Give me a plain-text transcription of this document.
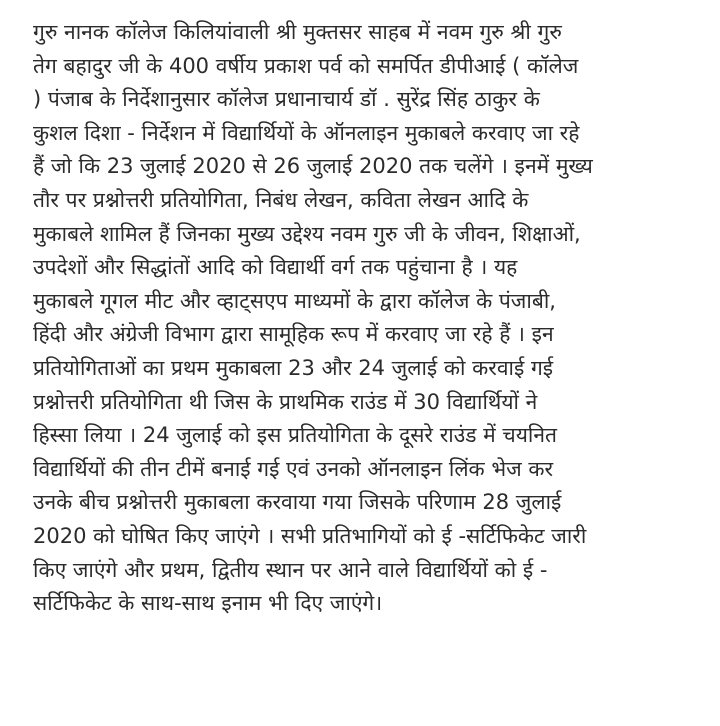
गुरु नानक कॉलेज किलियांवाली श्री मुक्तसर साहब में नवम गुरु श्री गुरु
तेग बहादुर जी के 400 वर्षीय प्रकाश पर्व को समर्पित डीपीआई ( कॉलेज
) पंजाब के निर्देशानुसार कॉलेज प्रधानाचार्य डॉ . सुरेंद्र सिंह ठाकुर के
कुशल दिशा - निर्देशन में विद्यार्थियों के ऑनलाइन मुकाबले करवाए जा रहे
हैं जो कि 23 जुलाई 2020 से 26 जुलाई 2020 तक चलेंगे । इनमें मुख्य
तौर पर प्रश्नोत्तरी प्रतियोगिता, निबंध लेखन, कविता लेखन आदि के
मुकाबले शामिल हैं जिनका मुख्य उद्देश्य नवम गुरु जी के जीवन, शिक्षाओं,
उपदेशों और सिद्धांतों आदि को विद्यार्थी वर्ग तक पहुंचाना है । यह
मुकाबले गूगल मीट और व्हाट्सएप माध्यमों के द्वारा कॉलेज के पंजाबी,
हिंदी और अंग्रेजी विभाग द्वारा सामूहिक रूप में करवाए जा रहे हैं । इन
प्रतियोगिताओं का प्रथम मुकाबला 23 और 24 जुलाई को करवाई गई
प्रश्नोत्तरी प्रतियोगिता थी जिस के प्राथमिक राउंड में 30 विद्यार्थियों ने
हिस्सा लिया । 24 जुलाई को इस प्रतियोगिता के दूसरे राउंड में चयनित
विद्यार्थियों की तीन टीमें बनाई गई एवं उनको ऑनलाइन लिंक भेज कर
उनके बीच प्रश्नोत्तरी मुकाबला करवाया गया जिसके परिणाम 28 जुलाई
2020 को घोषित किए जाएंगे । सभी प्रतिभागियों को ई -सर्टिफिकेट जारी
किए जाएंगे और प्रथम, द्वितीय स्थान पर आने वाले विद्यार्थियों को ई -
सर्टिफिकेट के साथ-साथ इनाम भी दिए जाएंगे।
